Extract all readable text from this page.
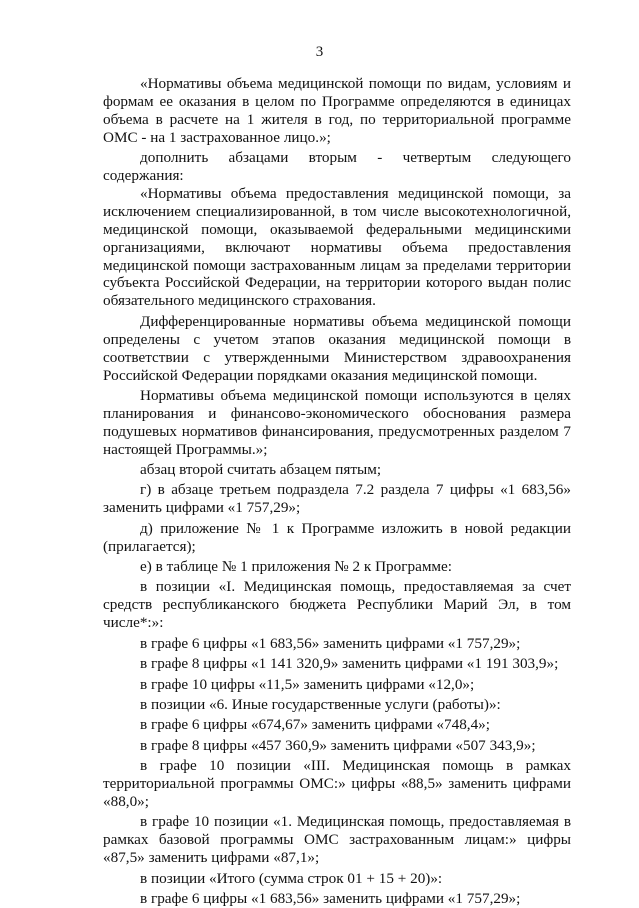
3

«Нормативы объема медицинской помощи по видам, условиям и формам ее оказания в целом по Программе определяются в единицах объема в расчете на 1 жителя в год, по территориальной программе ОМС - на 1 застрахованное лицо.»;

дополнить абзацами вторым - четвертым следующего содержания:

«Нормативы объема предоставления медицинской помощи, за исключением специализированной, в том числе высокотехнологичной, медицинской помощи, оказываемой федеральными медицинскими организациями, включают нормативы объема предоставления медицинской помощи застрахованным лицам за пределами территории субъекта Российской Федерации, на территории которого выдан полис обязательного медицинского страхования.

Дифференцированные нормативы объема медицинской помощи определены с учетом этапов оказания медицинской помощи в соответствии с утвержденными Министерством здравоохранения Российской Федерации порядками оказания медицинской помощи.

Нормативы объема медицинской помощи используются в целях планирования и финансово-экономического обоснования размера подушевых нормативов финансирования, предусмотренных разделом 7 настоящей Программы.»;

абзац второй считать абзацем пятым;

г) в абзаце третьем подраздела 7.2 раздела 7 цифры «1 683,56» заменить цифрами «1 757,29»;

д) приложение № 1 к Программе изложить в новой редакции (прилагается);

е) в таблице № 1 приложения № 2 к Программе:

в позиции «I. Медицинская помощь, предоставляемая за счет средств республиканского бюджета Республики Марий Эл, в том числе*:»:

в графе 6 цифры «1 683,56» заменить цифрами «1 757,29»;

в графе 8 цифры «1 141 320,9» заменить цифрами «1 191 303,9»;

в графе 10 цифры «11,5» заменить цифрами «12,0»;

в позиции «6. Иные государственные услуги (работы)»:

в графе 6 цифры «674,67» заменить цифрами «748,4»;

в графе 8 цифры «457 360,9» заменить цифрами «507 343,9»;

в графе 10 позиции «III. Медицинская помощь в рамках территориальной программы ОМС:» цифры «88,5» заменить цифрами «88,0»;

в графе 10 позиции «1. Медицинская помощь, предоставляемая в рамках базовой программы ОМС застрахованным лицам:» цифры «87,5» заменить цифрами «87,1»;

в позиции «Итого (сумма строк 01 + 15 + 20)»:

в графе 6 цифры «1 683,56» заменить цифрами «1 757,29»;
